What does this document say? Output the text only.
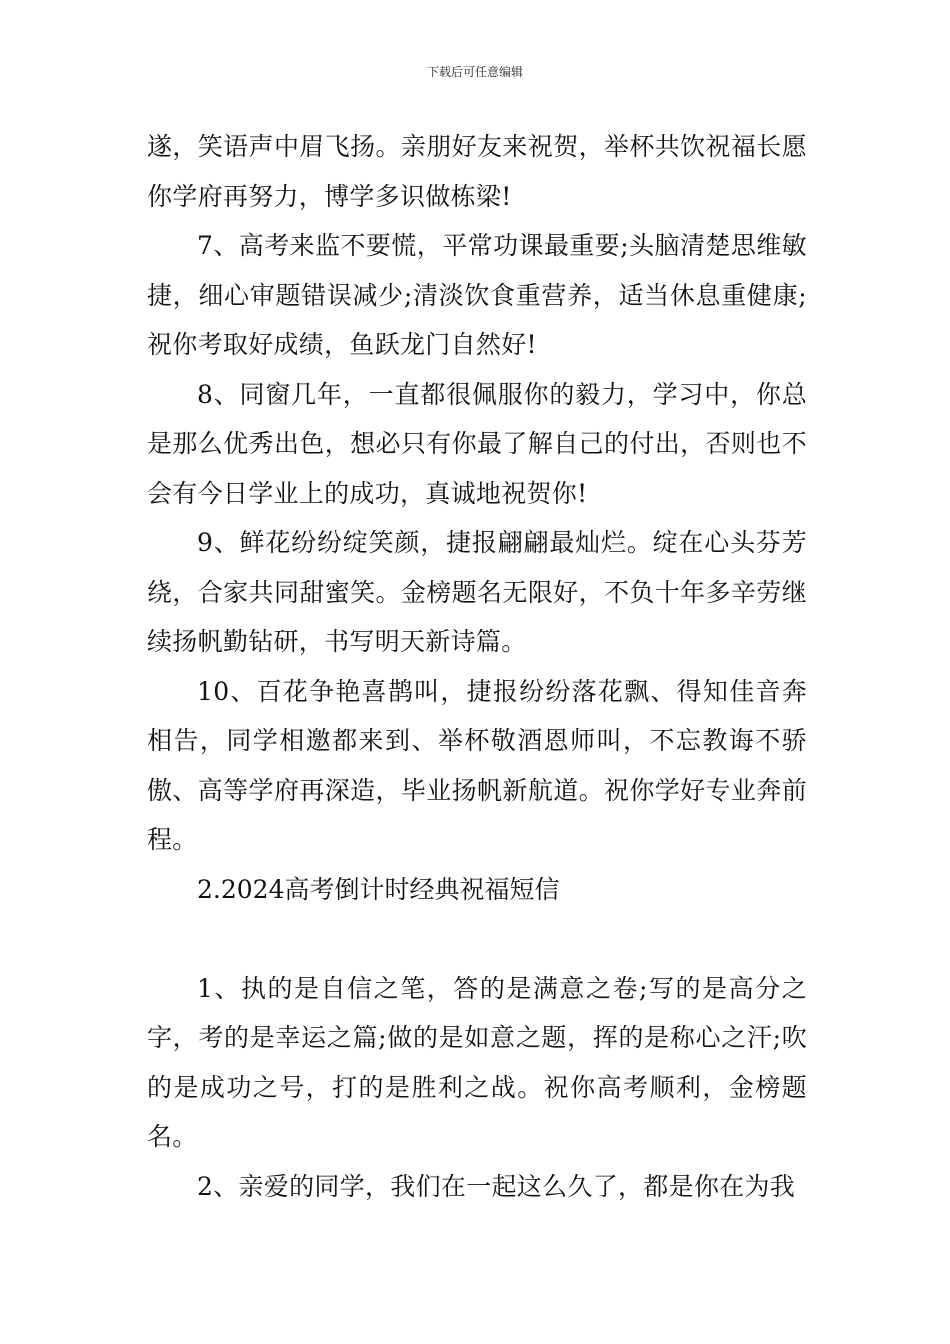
下载后可任意编辑

遂，笑语声中眉飞扬。亲朋好友来祝贺，举杯共饮祝福长愿你学府再努力，博学多识做栋梁!

7、高考来监不要慌，平常功课最重要;头脑清楚思维敏捷，细心审题错误减少;清淡饮食重营养，适当休息重健康;祝你考取好成绩，鱼跃龙门自然好!

8、同窗几年，一直都很佩服你的毅力，学习中，你总是那么优秀出色，想必只有你最了解自己的付出，否则也不会有今日学业上的成功，真诚地祝贺你!

9、鲜花纷纷绽笑颜，捷报翩翩最灿烂。绽在心头芬芳绕，合家共同甜蜜笑。金榜题名无限好，不负十年多辛劳继续扬帆勤钻研，书写明天新诗篇。

10、百花争艳喜鹊叫，捷报纷纷落花飘、得知佳音奔相告，同学相邀都来到、举杯敬酒恩师叫，不忘教诲不骄傲、高等学府再深造，毕业扬帆新航道。祝你学好专业奔前程。

2.2024高考倒计时经典祝福短信

1、执的是自信之笔，答的是满意之卷;写的是高分之字，考的是幸运之篇;做的是如意之题，挥的是称心之汗;吹的是成功之号，打的是胜利之战。祝你高考顺利，金榜题名。

2、亲爱的同学，我们在一起这么久了，都是你在为我
